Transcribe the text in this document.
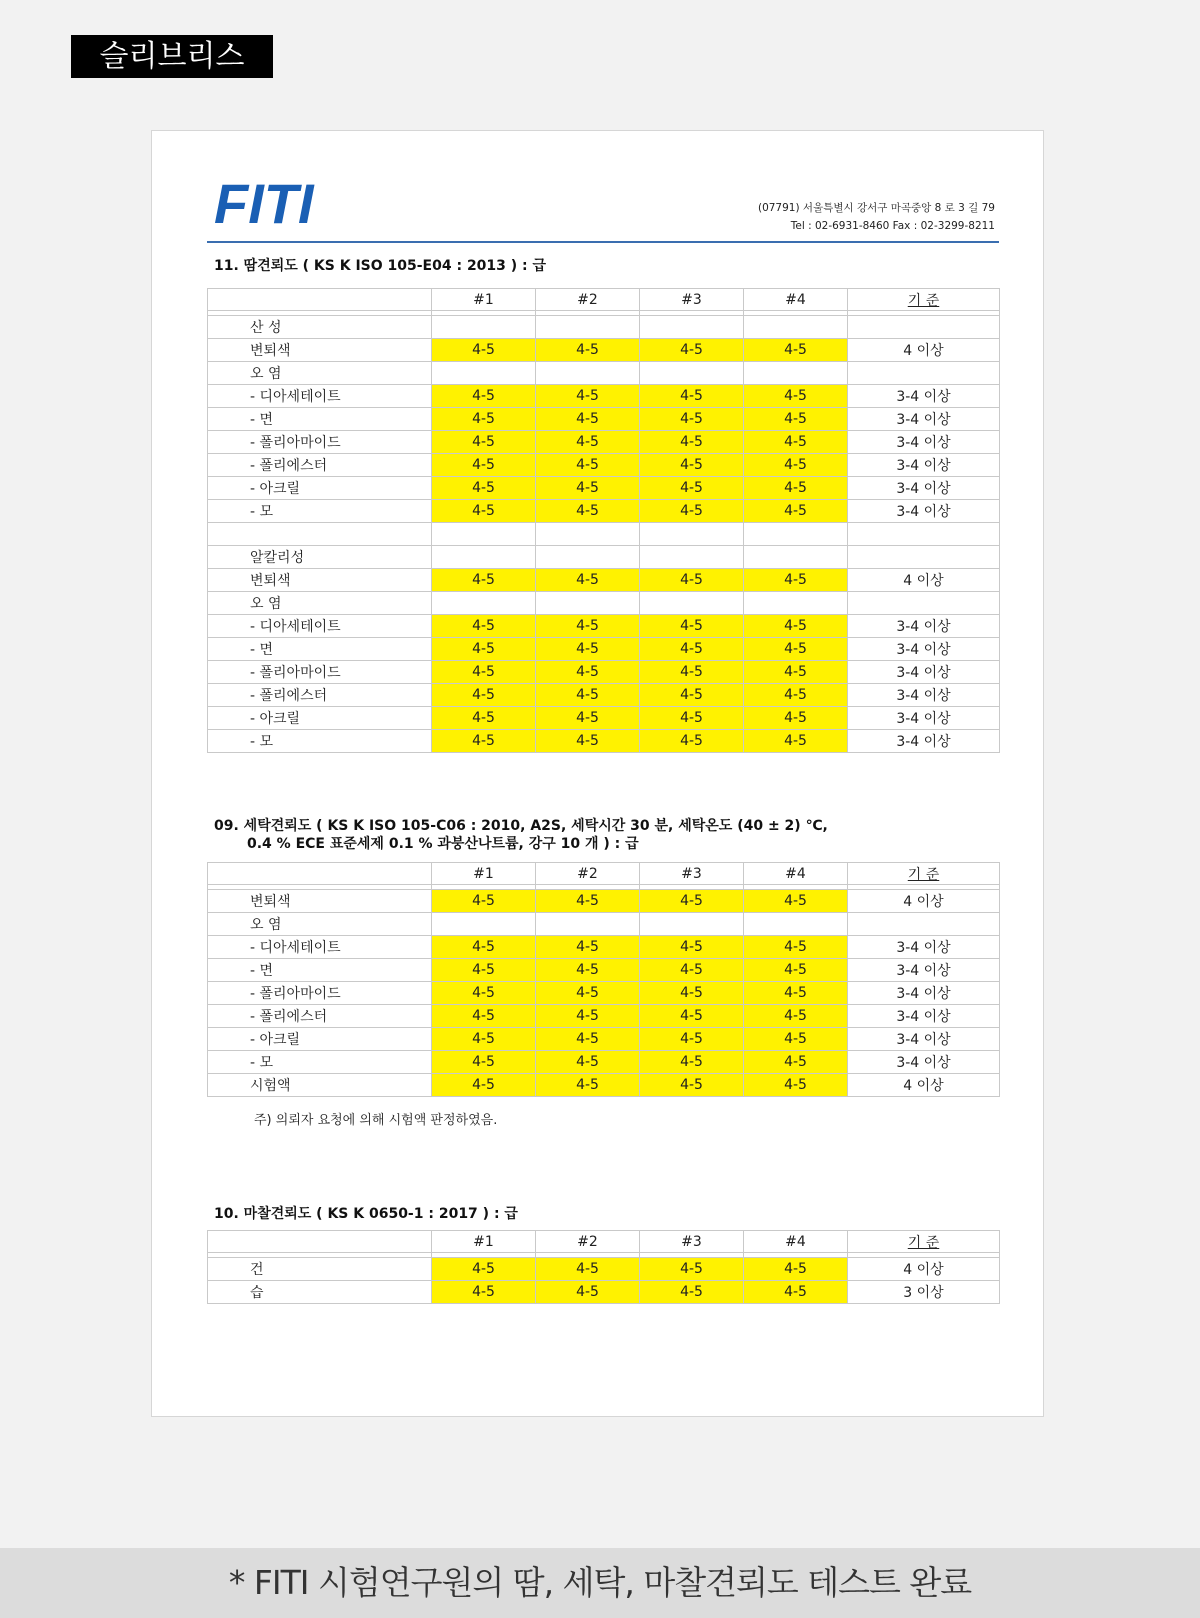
슬리브리스
FITI	(07791) 서울특별시 강서구 마곡중앙 8 로 3 길 79
Tel : 02-6931-8460 Fax : 02-3299-8211
11. 땀견뢰도 ( KS K ISO 105-E04 : 2013 ) : 급
	#1	#2	#3	#4	기 준

산 성					
변퇴색	4-5	4-5	4-5	4-5	4 이상
오 염					
- 디아세테이트	4-5	4-5	4-5	4-5	3-4 이상
- 면	4-5	4-5	4-5	4-5	3-4 이상
- 폴리아마이드	4-5	4-5	4-5	4-5	3-4 이상
- 폴리에스터	4-5	4-5	4-5	4-5	3-4 이상
- 아크릴	4-5	4-5	4-5	4-5	3-4 이상
- 모	4-5	4-5	4-5	4-5	3-4 이상

알칼리성					
변퇴색	4-5	4-5	4-5	4-5	4 이상
오 염					
- 디아세테이트	4-5	4-5	4-5	4-5	3-4 이상
- 면	4-5	4-5	4-5	4-5	3-4 이상
- 폴리아마이드	4-5	4-5	4-5	4-5	3-4 이상
- 폴리에스터	4-5	4-5	4-5	4-5	3-4 이상
- 아크릴	4-5	4-5	4-5	4-5	3-4 이상
- 모	4-5	4-5	4-5	4-5	3-4 이상
09. 세탁견뢰도 ( KS K ISO 105-C06 : 2010, A2S, 세탁시간 30 분, 세탁온도 (40 ± 2) ℃,
0.4 % ECE 표준세제 0.1 % 과붕산나트륨, 강구 10 개 ) : 급
	#1	#2	#3	#4	기 준

변퇴색	4-5	4-5	4-5	4-5	4 이상
오 염					
- 디아세테이트	4-5	4-5	4-5	4-5	3-4 이상
- 면	4-5	4-5	4-5	4-5	3-4 이상
- 폴리아마이드	4-5	4-5	4-5	4-5	3-4 이상
- 폴리에스터	4-5	4-5	4-5	4-5	3-4 이상
- 아크릴	4-5	4-5	4-5	4-5	3-4 이상
- 모	4-5	4-5	4-5	4-5	3-4 이상
시험액	4-5	4-5	4-5	4-5	4 이상
주) 의뢰자 요청에 의해 시험액 판정하였음.
10. 마찰견뢰도 ( KS K 0650-1 : 2017 ) : 급
	#1	#2	#3	#4	기 준

건	4-5	4-5	4-5	4-5	4 이상
습	4-5	4-5	4-5	4-5	3 이상
* FITI 시험연구원의 땀, 세탁, 마찰견뢰도 테스트 완료
